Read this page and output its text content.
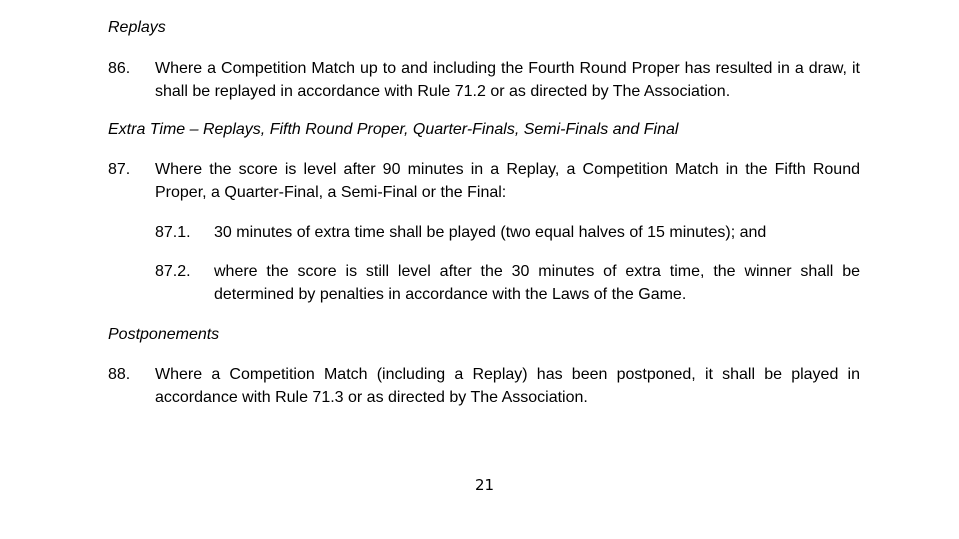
Replays
86. Where a Competition Match up to and including the Fourth Round Proper has resulted in a draw, it shall be replayed in accordance with Rule 71.2 or as directed by The Association.
Extra Time – Replays, Fifth Round Proper, Quarter-Finals, Semi-Finals and Final
87. Where the score is level after 90 minutes in a Replay, a Competition Match in the Fifth Round Proper, a Quarter-Final, a Semi-Final or the Final:
87.1. 30 minutes of extra time shall be played (two equal halves of 15 minutes); and
87.2. where the score is still level after the 30 minutes of extra time, the winner shall be determined by penalties in accordance with the Laws of the Game.
Postponements
88. Where a Competition Match (including a Replay) has been postponed, it shall be played in accordance with Rule 71.3 or as directed by The Association.
21
